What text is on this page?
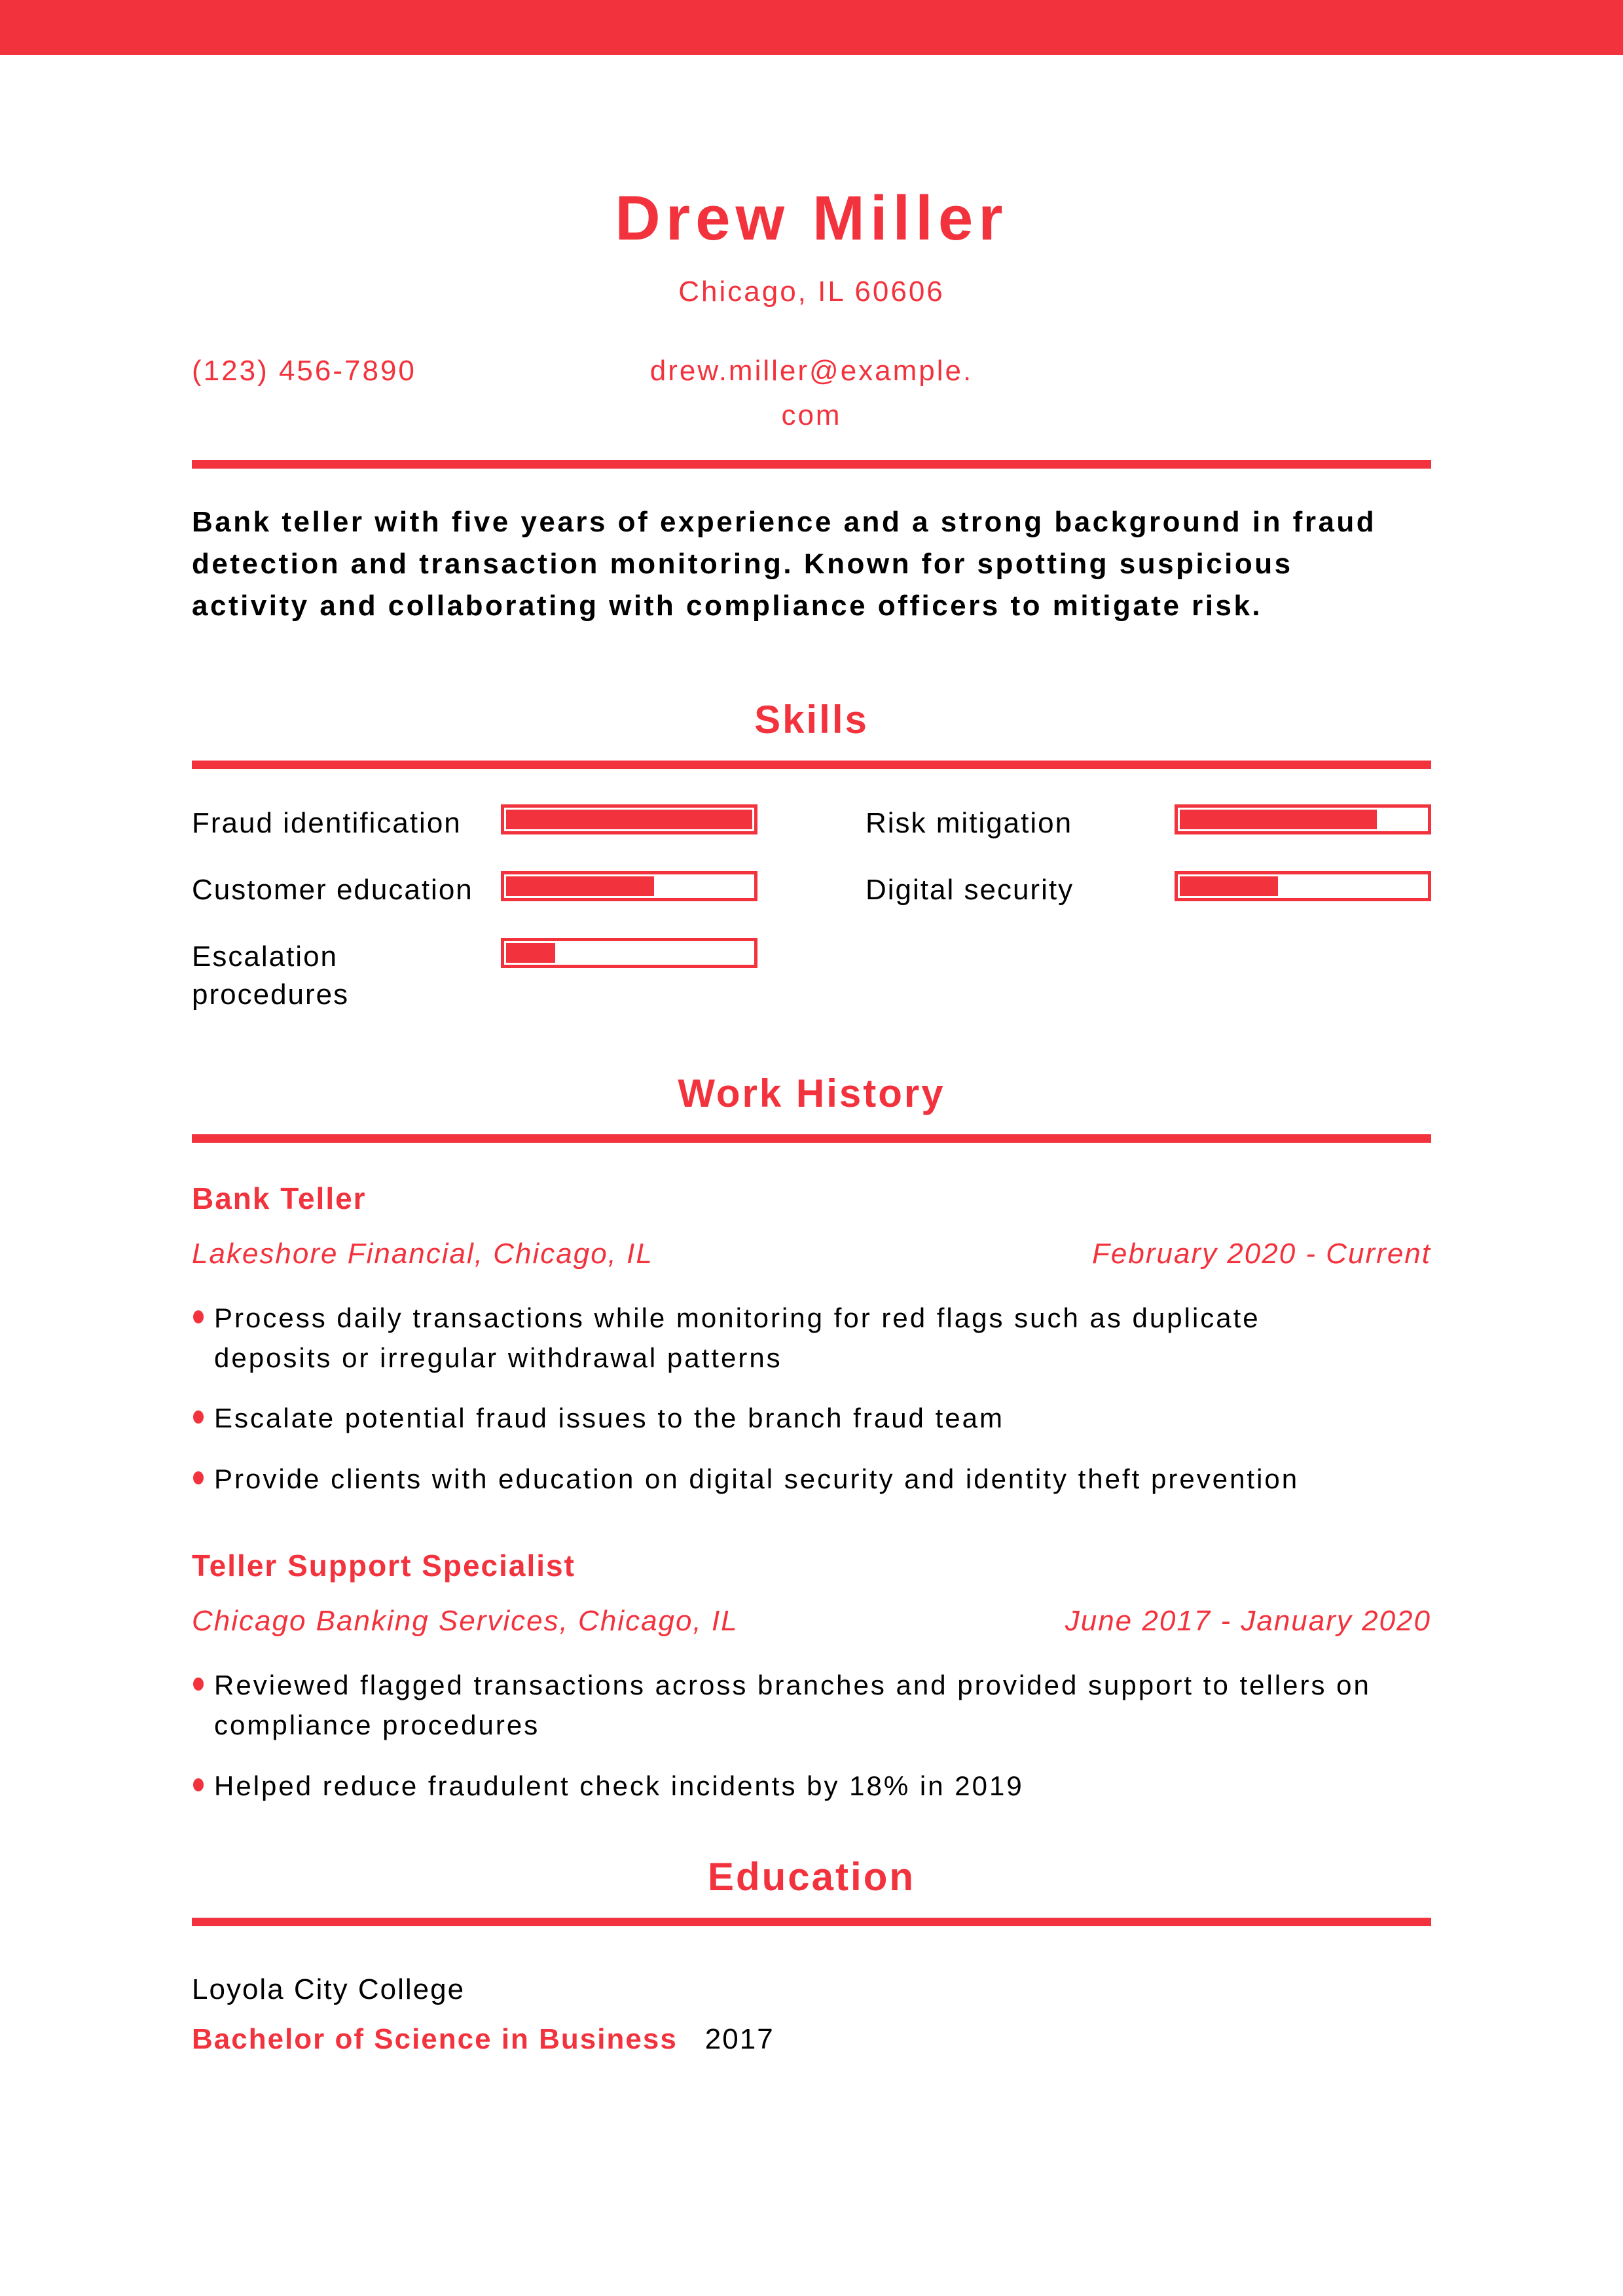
Drew Miller
Chicago, IL 60606
(123) 456-7890	drew.miller@example.
com

Bank teller with five years of experience and a strong background in fraud detection and transaction monitoring. Known for spotting suspicious activity and collaborating with compliance officers to mitigate risk.

Skills
Fraud identification	Risk mitigation
Customer education	Digital security
Escalation procedures
Work History
Bank Teller
Lakeshore Financial, Chicago, IL	February 2020 - Current
Process daily transactions while monitoring for red flags such as duplicate deposits or irregular withdrawal patterns
Escalate potential fraud issues to the branch fraud team
Provide clients with education on digital security and identity theft prevention
Teller Support Specialist
Chicago Banking Services, Chicago, IL	June 2017 - January 2020
Reviewed flagged transactions across branches and provided support to tellers on compliance procedures
Helped reduce fraudulent check incidents by 18% in 2019
Education
Loyola City College
Bachelor of Science in Business 2017
